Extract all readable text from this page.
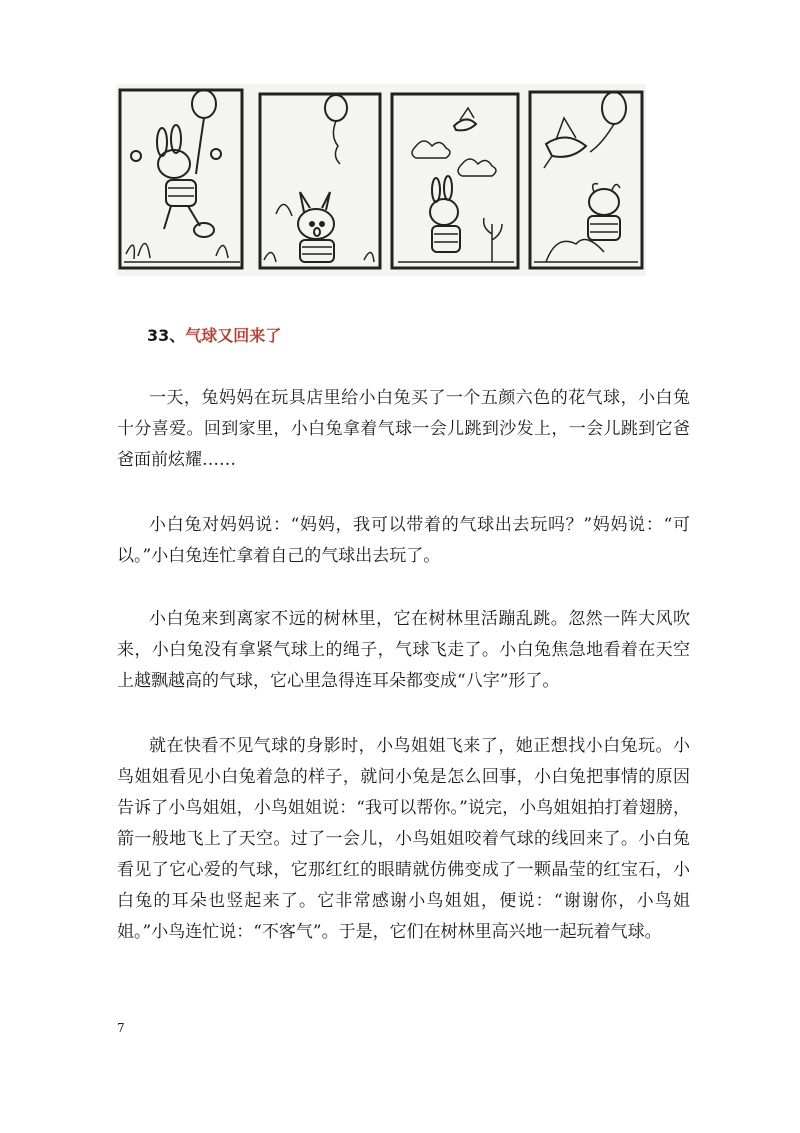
33、气球又回来了

一天，兔妈妈在玩具店里给小白兔买了一个五颜六色的花气球，小白兔十分喜爱。回到家里，小白兔拿着气球一会儿跳到沙发上，一会儿跳到它爸爸面前炫耀……

小白兔对妈妈说：“妈妈，我可以带着的气球出去玩吗？”妈妈说：“可以。”小白兔连忙拿着自己的气球出去玩了。

小白兔来到离家不远的树林里，它在树林里活蹦乱跳。忽然一阵大风吹来，小白兔没有拿紧气球上的绳子，气球飞走了。小白兔焦急地看着在天空上越飘越高的气球，它心里急得连耳朵都变成“八字”形了。

就在快看不见气球的身影时，小鸟姐姐飞来了，她正想找小白兔玩。小鸟姐姐看见小白兔着急的样子，就问小兔是怎么回事，小白兔把事情的原因告诉了小鸟姐姐，小鸟姐姐说：“我可以帮你。”说完，小鸟姐姐拍打着翅膀，箭一般地飞上了天空。过了一会儿，小鸟姐姐咬着气球的线回来了。小白兔看见了它心爱的气球，它那红红的眼睛就仿佛变成了一颗晶莹的红宝石，小白兔的耳朵也竖起来了。它非常感谢小鸟姐姐，便说：“谢谢你，小鸟姐姐。”小鸟连忙说：“不客气”。于是，它们在树林里高兴地一起玩着气球。

7
